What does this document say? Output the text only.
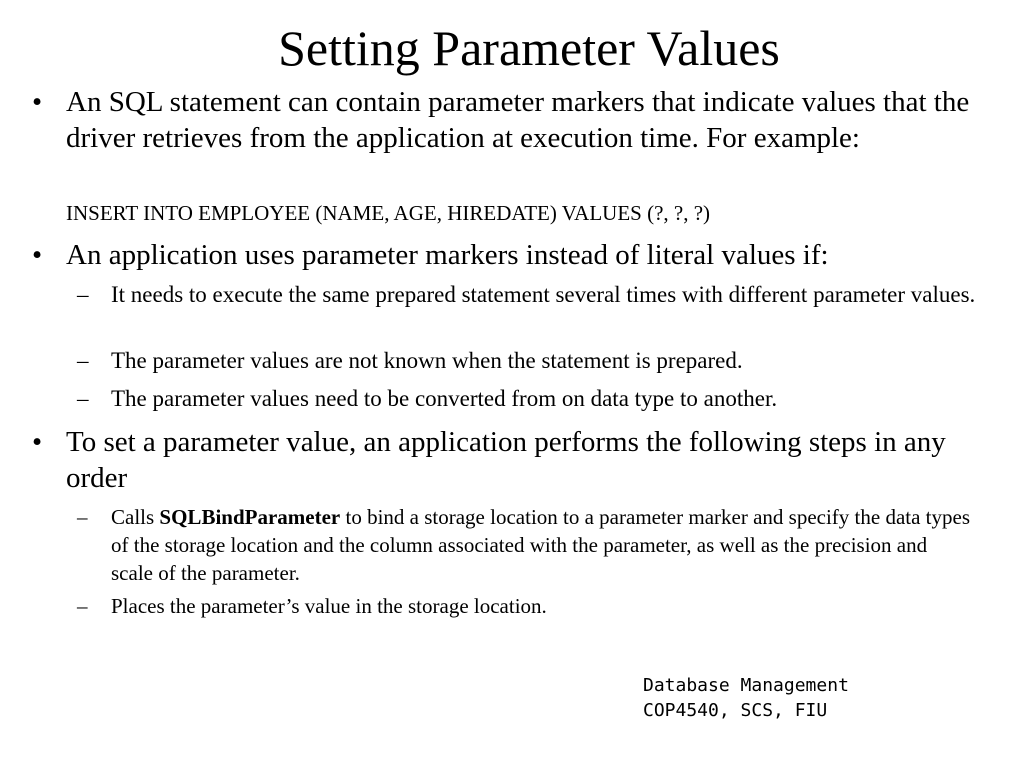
Setting Parameter Values
• An SQL statement can contain parameter markers that indicate values that the driver retrieves from the application at execution time. For example:
INSERT INTO EMPLOYEE (NAME, AGE, HIREDATE) VALUES (?, ?, ?)
• An application uses parameter markers instead of literal values if:
– It needs to execute the same prepared statement several times with different parameter values.
– The parameter values are not known when the statement is prepared.
– The parameter values need to be converted from on data type to another.
• To set a parameter value, an application performs the following steps in any order
– Calls SQLBindParameter to bind a storage location to a parameter marker and specify the data types of the storage location and the column associated with the parameter, as well as the precision and scale of the parameter.
– Places the parameter’s value in the storage location.
Database Management
COP4540, SCS, FIU
